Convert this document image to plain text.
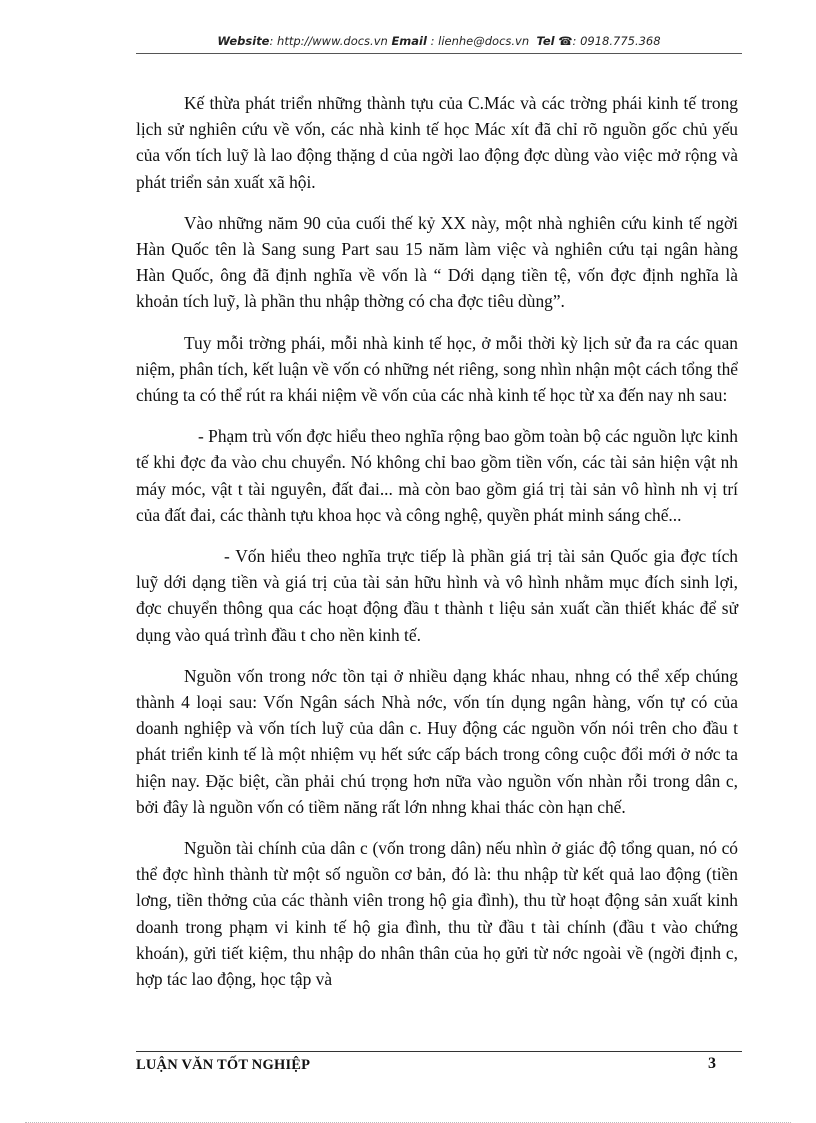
Website: http://www.docs.vn Email : lienhe@docs.vn Tel ☎: 0918.775.368

Kế thừa phát triển những thành tựu của C.Mác và các trờng phái kinh tế trong lịch sử nghiên cứu về vốn, các nhà kinh tế học Mác xít đã chỉ rõ nguồn gốc chủ yếu của vốn tích luỹ là lao động thặng d của ngời lao động đợc dùng vào việc mở rộng và phát triển sản xuất xã hội.

Vào những năm 90 của cuối thế kỷ XX này, một nhà nghiên cứu kinh tế ngời Hàn Quốc tên là Sang sung Part sau 15 năm làm việc và nghiên cứu tại ngân hàng Hàn Quốc, ông đã định nghĩa về vốn là “ Dới dạng tiền tệ, vốn đợc định nghĩa là khoản tích luỹ, là phần thu nhập thờng có cha đợc tiêu dùng”.

Tuy mỗi trờng phái, mỗi nhà kinh tế học, ở mỗi thời kỳ lịch sử đa ra các quan niệm, phân tích, kết luận về vốn có những nét riêng, song nhìn nhận một cách tổng thể chúng ta có thể rút ra khái niệm về vốn của các nhà kinh tế học từ xa đến nay nh sau:

- Phạm trù vốn đợc hiểu theo nghĩa rộng bao gồm toàn bộ các nguồn lực kinh tế khi đợc đa vào chu chuyển. Nó không chỉ bao gồm tiền vốn, các tài sản hiện vật nh máy móc, vật t tài nguyên, đất đai... mà còn bao gồm giá trị tài sản vô hình nh vị trí của đất đai, các thành tựu khoa học và công nghệ, quyền phát minh sáng chế...

- Vốn hiểu theo nghĩa trực tiếp là phần giá trị tài sản Quốc gia đợc tích luỹ dới dạng tiền và giá trị của tài sản hữu hình và vô hình nhằm mục đích sinh lợi, đợc chuyển thông qua các hoạt động đầu t thành t liệu sản xuất cần thiết khác để sử dụng vào quá trình đầu t cho nền kinh tế.

Nguồn vốn trong nớc tồn tại ở nhiều dạng khác nhau, nhng có thể xếp chúng thành 4 loại sau: Vốn Ngân sách Nhà nớc, vốn tín dụng ngân hàng, vốn tự có của doanh nghiệp và vốn tích luỹ của dân c. Huy động các nguồn vốn nói trên cho đầu t phát triển kinh tế là một nhiệm vụ hết sức cấp bách trong công cuộc đổi mới ở nớc ta hiện nay. Đặc biệt, cần phải chú trọng hơn nữa vào nguồn vốn nhàn rỗi trong dân c, bởi đây là nguồn vốn có tiềm năng rất lớn nhng khai thác còn hạn chế.

Nguồn tài chính của dân c (vốn trong dân) nếu nhìn ở giác độ tổng quan, nó có thể đợc hình thành từ một số nguồn cơ bản, đó là: thu nhập từ kết quả lao động (tiền lơng, tiền thởng của các thành viên trong hộ gia đình), thu từ hoạt động sản xuất kinh doanh trong phạm vi kinh tế hộ gia đình, thu từ đầu t tài chính (đầu t vào chứng khoán), gửi tiết kiệm, thu nhập do nhân thân của họ gửi từ nớc ngoài về (ngời định c, hợp tác lao động, học tập và

LUẬN VĂN TỐT NGHIỆP	3
